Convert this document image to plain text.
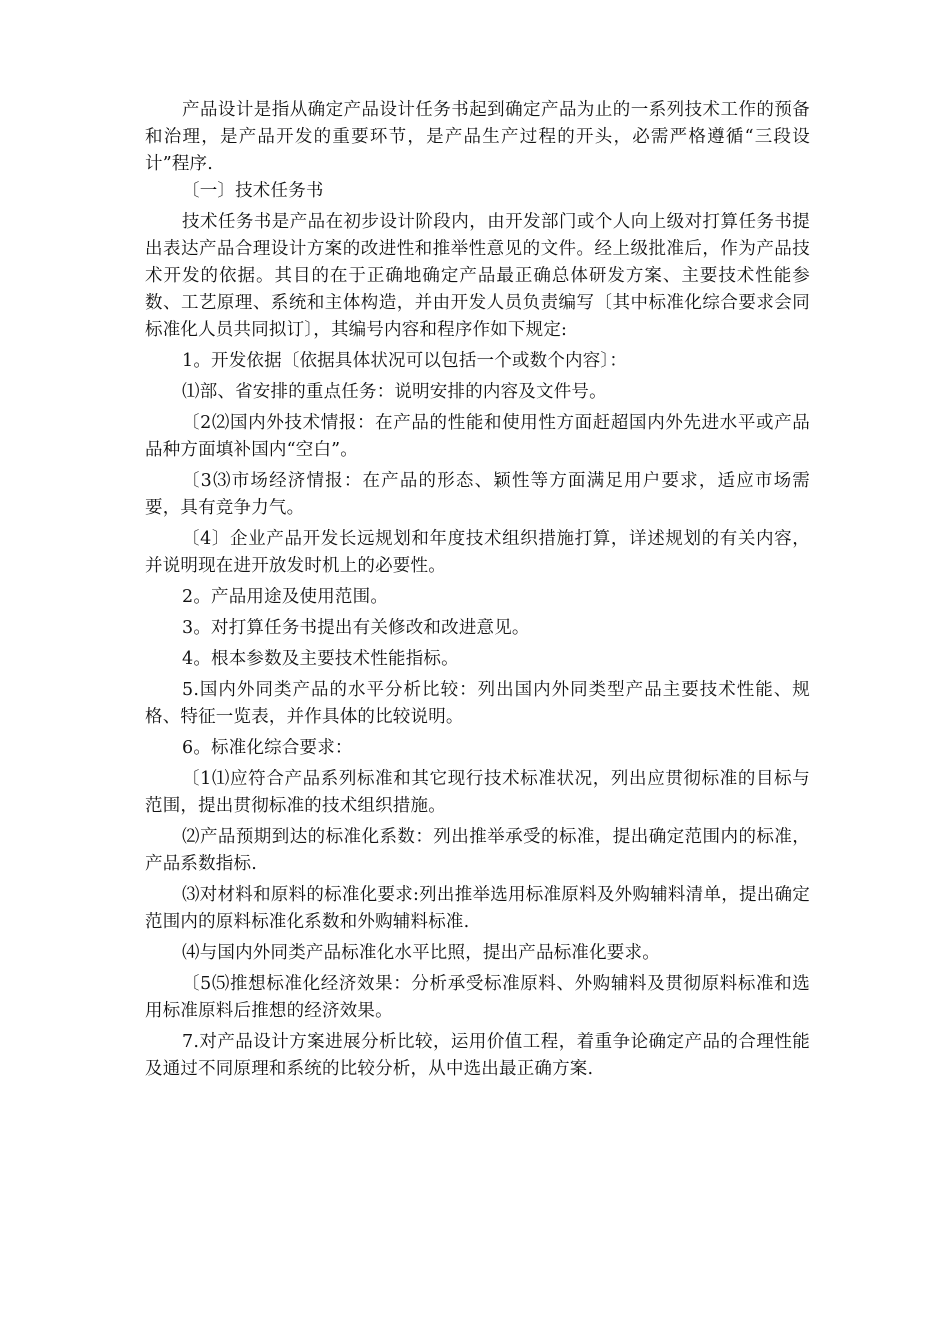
产品设计是指从确定产品设计任务书起到确定产品为止的一系列技术工作的预备和治理，是产品开发的重要环节，是产品生产过程的开头，必需严格遵循“三段设计”程序.

〔一〕技术任务书

技术任务书是产品在初步设计阶段内，由开发部门或个人向上级对打算任务书提出表达产品合理设计方案的改进性和推举性意见的文件。经上级批准后，作为产品技术开发的依据。其目的在于正确地确定产品最正确总体研发方案、主要技术性能参数、工艺原理、系统和主体构造，并由开发人员负责编写〔其中标准化综合要求会同标准化人员共同拟订〕，其编号内容和程序作如下规定:

1。开发依据〔依据具体状况可以包括一个或数个内容〕：

⑴部、省安排的重点任务：说明安排的内容及文件号。

〔2⑵国内外技术情报：在产品的性能和使用性方面赶超国内外先进水平或产品品种方面填补国内“空白”。

〔3⑶市场经济情报：在产品的形态、颖性等方面满足用户要求，适应市场需要，具有竞争力气。

〔4〕企业产品开发长远规划和年度技术组织措施打算，详述规划的有关内容，并说明现在进开放发时机上的必要性。

2。产品用途及使用范围。

3。对打算任务书提出有关修改和改进意见。

4。根本参数及主要技术性能指标。

5.国内外同类产品的水平分析比较：列出国内外同类型产品主要技术性能、规格、特征一览表，并作具体的比较说明。

6。标准化综合要求：

〔1⑴应符合产品系列标准和其它现行技术标准状况，列出应贯彻标准的目标与范围，提出贯彻标准的技术组织措施。

⑵产品预期到达的标准化系数：列出推举承受的标准，提出确定范围内的标准，产品系数指标.

⑶对材料和原料的标准化要求:列出推举选用标准原料及外购辅料清单，提出确定范围内的原料标准化系数和外购辅料标准.

⑷与国内外同类产品标准化水平比照，提出产品标准化要求。

〔5⑸推想标准化经济效果：分析承受标准原料、外购辅料及贯彻原料标准和选用标准原料后推想的经济效果。

7.对产品设计方案进展分析比较，运用价值工程，着重争论确定产品的合理性能及通过不同原理和系统的比较分析，从中选出最正确方案.
